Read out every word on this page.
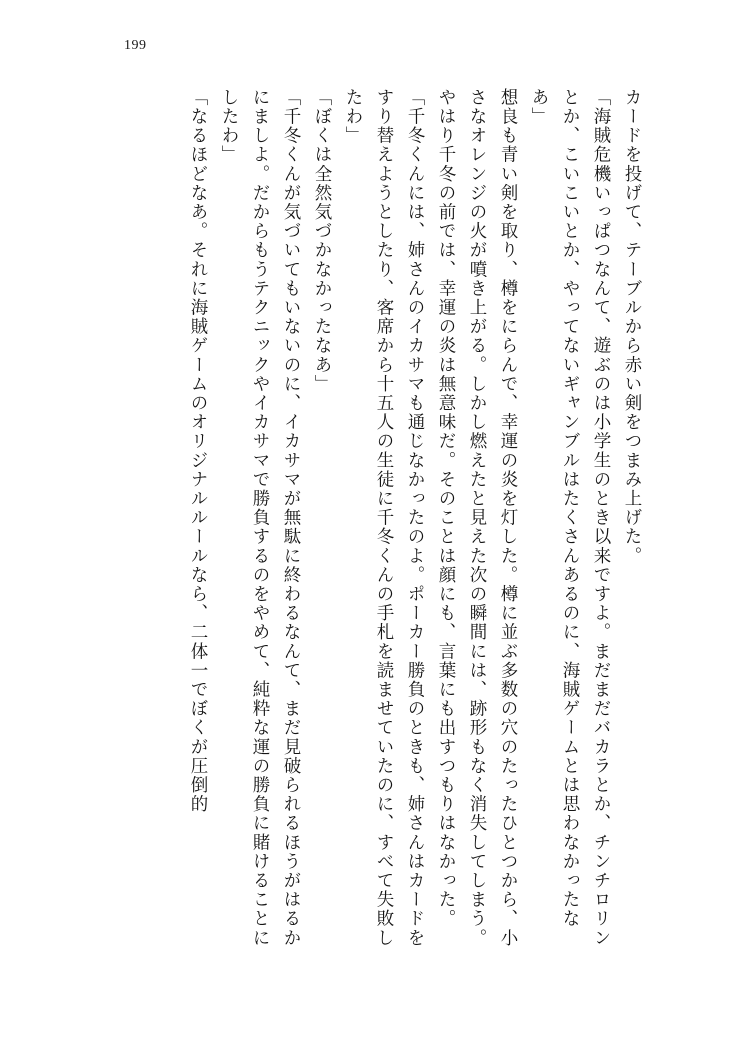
199

カードを投げて、テーブルから赤い剣をつまみ上げた。

「海賊危機いっぱつなんて、遊ぶのは小学生のとき以来ですよ。まだまだバカラとか、チンチロリンとか、こいこいとか、やってないギャンブルはたくさんあるのに、海賊ゲームとは思わなかったなあ」

想良も青い剣を取り、樽をにらんで、幸運の炎を灯した。樽に並ぶ多数の穴のたったひとつから、小さなオレンジの火が噴き上がる。しかし燃えたと見えた次の瞬間には、跡形もなく消失してしまう。

やはり千冬の前では、幸運の炎は無意味だ。そのことは顔にも、言葉にも出すつもりはなかった。

「千冬くんには、姉さんのイカサマも通じなかったのよ。ポーカー勝負のときも、姉さんはカードをすり替えようとしたり、客席から十五人の生徒に千冬くんの手札を読ませていたのに、すべて失敗したわ」

「ぼくは全然気づかなかったなあ」

「千冬くんが気づいてもいないのに、イカサマが無駄に終わるなんて、まだ見破られるほうがはるかにましよ。だからもうテクニックやイカサマで勝負するのをやめて、純粋な運の勝負に賭けることにしたわ」

「なるほどなあ。それに海賊ゲームのオリジナルルールなら、二体一でぼくが圧倒的
